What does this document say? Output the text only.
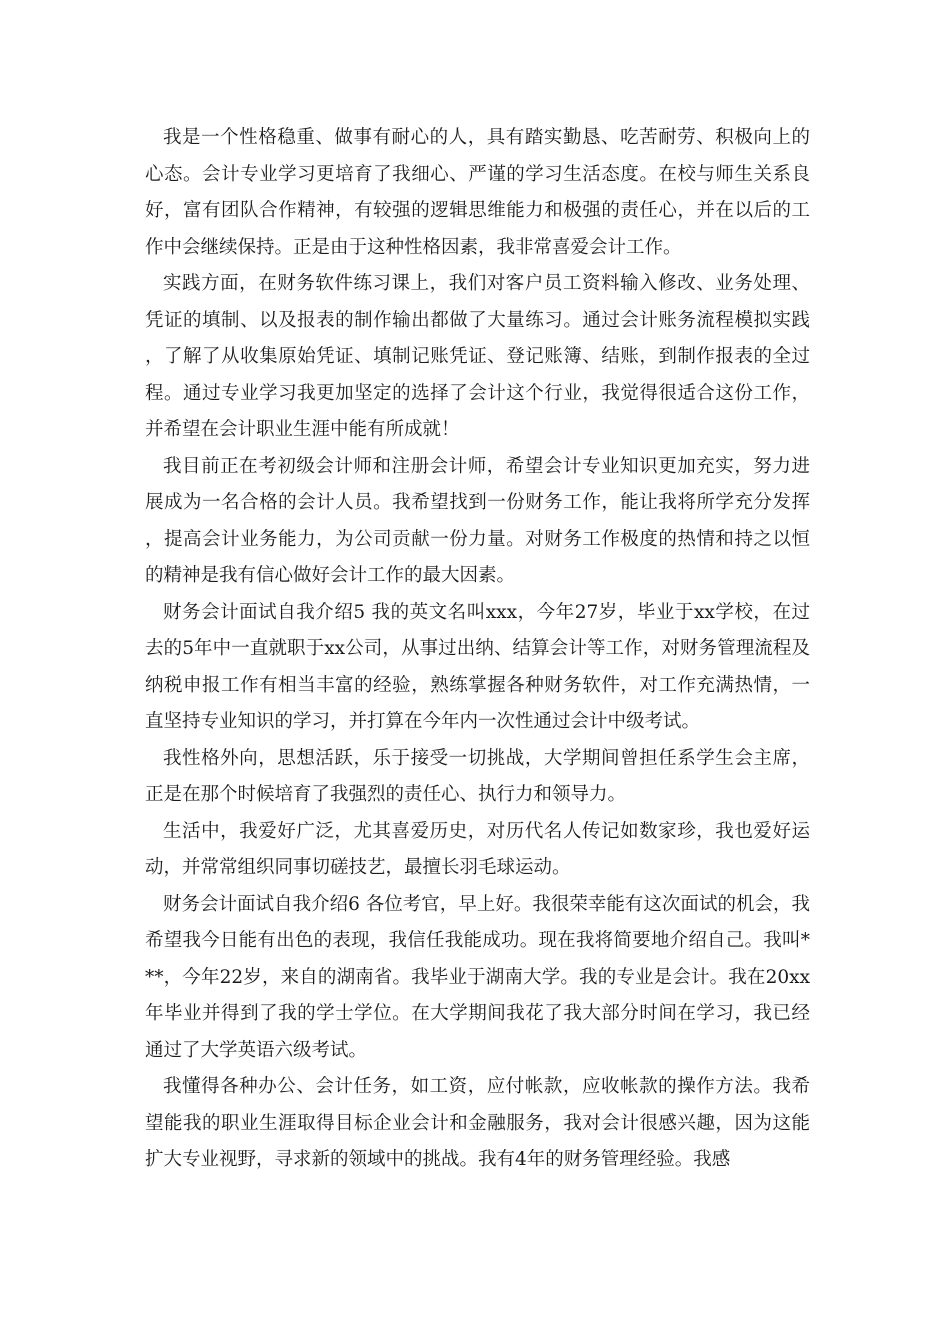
我是一个性格稳重、做事有耐心的人，具有踏实勤恳、吃苦耐劳、积极向上的心态。会计专业学习更培育了我细心、严谨的学习生活态度。在校与师生关系良好，富有团队合作精神，有较强的逻辑思维能力和极强的责任心，并在以后的工作中会继续保持。正是由于这种性格因素，我非常喜爱会计工作。

实践方面，在财务软件练习课上，我们对客户员工资料输入修改、业务处理、凭证的填制、以及报表的制作输出都做了大量练习。通过会计账务流程模拟实践，了解了从收集原始凭证、填制记账凭证、登记账簿、结账，到制作报表的全过程。通过专业学习我更加坚定的选择了会计这个行业，我觉得很适合这份工作，并希望在会计职业生涯中能有所成就！

我目前正在考初级会计师和注册会计师，希望会计专业知识更加充实，努力进展成为一名合格的会计人员。我希望找到一份财务工作，能让我将所学充分发挥，提高会计业务能力，为公司贡献一份力量。对财务工作极度的热情和持之以恒的精神是我有信心做好会计工作的最大因素。

财务会计面试自我介绍5 我的英文名叫xxx，今年27岁，毕业于xx学校，在过去的5年中一直就职于xx公司，从事过出纳、结算会计等工作，对财务管理流程及纳税申报工作有相当丰富的经验，熟练掌握各种财务软件，对工作充满热情，一直坚持专业知识的学习，并打算在今年内一次性通过会计中级考试。

我性格外向，思想活跃，乐于接受一切挑战，大学期间曾担任系学生会主席，正是在那个时候培育了我强烈的责任心、执行力和领导力。

生活中，我爱好广泛，尤其喜爱历史，对历代名人传记如数家珍，我也爱好运动，并常常组织同事切磋技艺，最擅长羽毛球运动。

财务会计面试自我介绍6 各位考官，早上好。我很荣幸能有这次面试的机会，我希望我今日能有出色的表现，我信任我能成功。现在我将简要地介绍自己。我叫***，今年22岁，来自的湖南省。我毕业于湖南大学。我的专业是会计。我在20xx年毕业并得到了我的学士学位。在大学期间我花了我大部分时间在学习，我已经通过了大学英语六级考试。

我懂得各种办公、会计任务，如工资，应付帐款，应收帐款的操作方法。我希望能我的职业生涯取得目标企业会计和金融服务，我对会计很感兴趣，因为这能扩大专业视野，寻求新的领域中的挑战。我有4年的财务管理经验。我感
